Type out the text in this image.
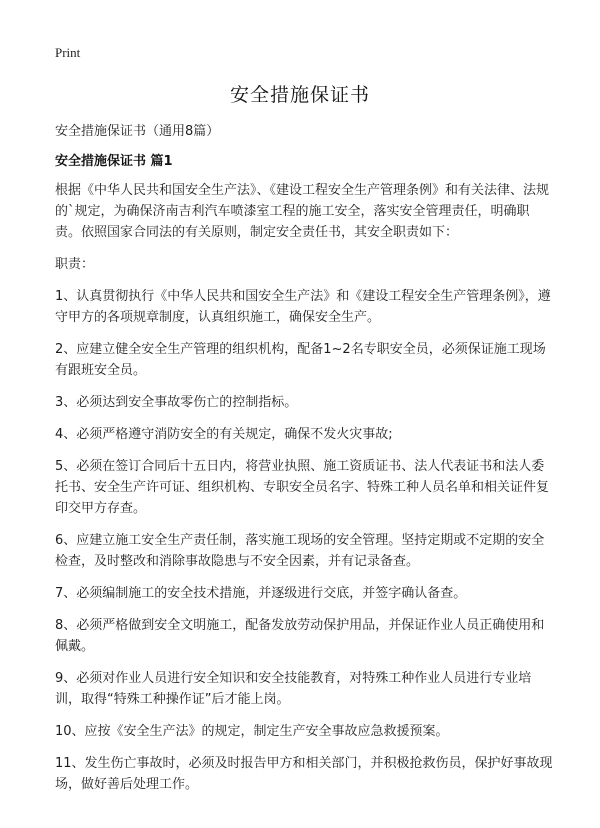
Print
安全措施保证书

安全措施保证书（通用8篇）

安全措施保证书 篇1

根据《中华人民共和国安全生产法》、《建设工程安全生产管理条例》和有关法律、法规的`规定，为确保济南吉利汽车喷漆室工程的施工安全，落实安全管理责任，明确职责。依照国家合同法的有关原则，制定安全责任书，其安全职责如下：

职责：

1、认真贯彻执行《中华人民共和国安全生产法》和《建设工程安全生产管理条例》，遵守甲方的各项规章制度，认真组织施工，确保安全生产。

2、应建立健全安全生产管理的组织机构，配备1~2名专职安全员，必须保证施工现场有跟班安全员。

3、必须达到安全事故零伤亡的控制指标。

4、必须严格遵守消防安全的有关规定，确保不发火灾事故;

5、必须在签订合同后十五日内，将营业执照、施工资质证书、法人代表证书和法人委托书、安全生产许可证、组织机构、专职安全员名字、特殊工种人员名单和相关证件复印交甲方存查。

6、应建立施工安全生产责任制，落实施工现场的安全管理。坚持定期或不定期的安全检查，及时整改和消除事故隐患与不安全因素，并有记录备查。

7、必须编制施工的安全技术措施，并逐级进行交底，并签字确认备查。

8、必须严格做到安全文明施工，配备发放劳动保护用品，并保证作业人员正确使用和佩戴。

9、必须对作业人员进行安全知识和安全技能教育，对特殊工种作业人员进行专业培训，取得“特殊工种操作证”后才能上岗。

10、应按《安全生产法》的规定，制定生产安全事故应急救援预案。

11、发生伤亡事故时，必须及时报告甲方和相关部门，并积极抢救伤员，保护好事故现场，做好善后处理工作。
